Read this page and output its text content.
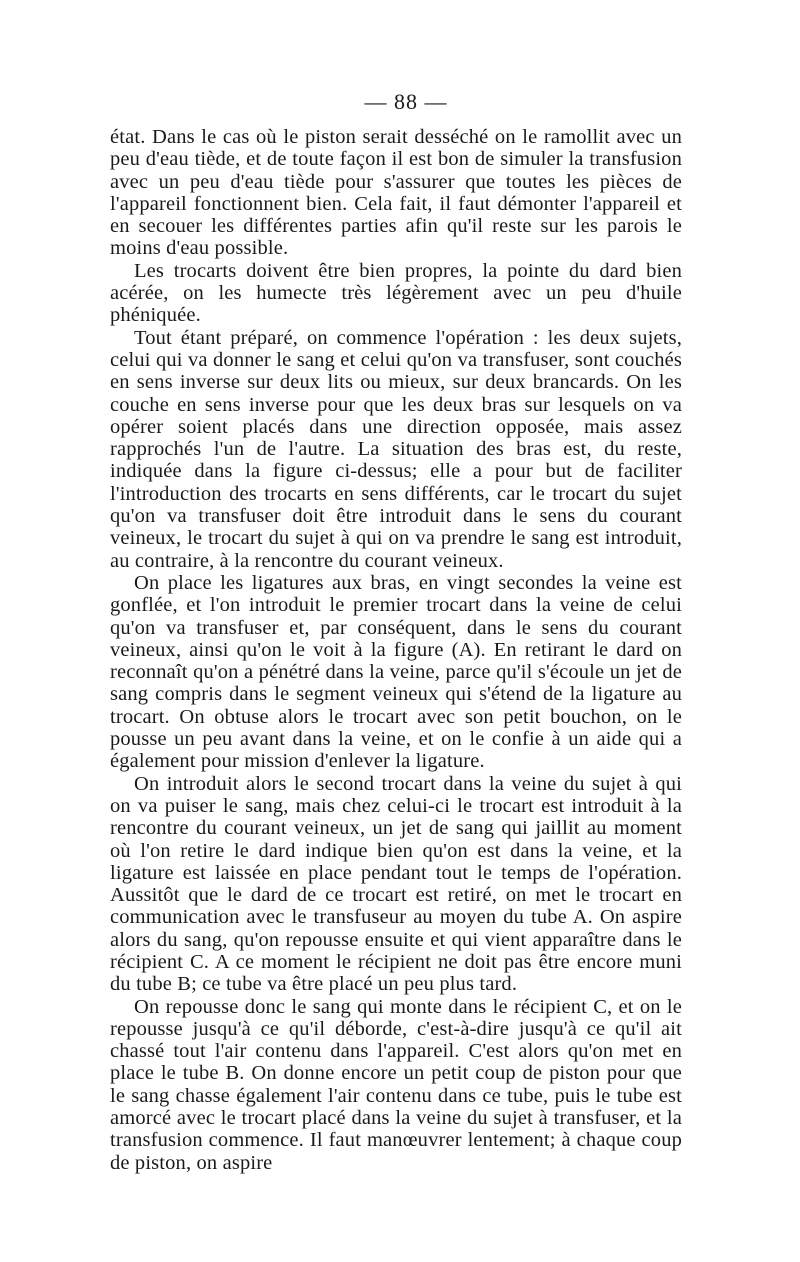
— 88 —

état. Dans le cas où le piston serait desséché on le ramollit avec un peu d'eau tiède, et de toute façon il est bon de simuler la transfusion avec un peu d'eau tiède pour s'assurer que toutes les pièces de l'appareil fonctionnent bien. Cela fait, il faut démonter l'appareil et en secouer les différentes parties afin qu'il reste sur les parois le moins d'eau possible.

Les trocarts doivent être bien propres, la pointe du dard bien acérée, on les humecte très légèrement avec un peu d'huile phéniquée.

Tout étant préparé, on commence l'opération : les deux sujets, celui qui va donner le sang et celui qu'on va transfuser, sont couchés en sens inverse sur deux lits ou mieux, sur deux brancards. On les couche en sens inverse pour que les deux bras sur lesquels on va opérer soient placés dans une direction opposée, mais assez rapprochés l'un de l'autre. La situation des bras est, du reste, indiquée dans la figure ci-dessus; elle a pour but de faciliter l'introduction des trocarts en sens différents, car le trocart du sujet qu'on va transfuser doit être introduit dans le sens du courant veineux, le trocart du sujet à qui on va prendre le sang est introduit, au contraire, à la rencontre du courant veineux.

On place les ligatures aux bras, en vingt secondes la veine est gonflée, et l'on introduit le premier trocart dans la veine de celui qu'on va transfuser et, par conséquent, dans le sens du courant veineux, ainsi qu'on le voit à la figure (A). En retirant le dard on reconnaît qu'on a pénétré dans la veine, parce qu'il s'écoule un jet de sang compris dans le segment veineux qui s'étend de la ligature au trocart. On obtuse alors le trocart avec son petit bouchon, on le pousse un peu avant dans la veine, et on le confie à un aide qui a également pour mission d'enlever la ligature.

On introduit alors le second trocart dans la veine du sujet à qui on va puiser le sang, mais chez celui-ci le trocart est introduit à la rencontre du courant veineux, un jet de sang qui jaillit au moment où l'on retire le dard indique bien qu'on est dans la veine, et la ligature est laissée en place pendant tout le temps de l'opération. Aussitôt que le dard de ce trocart est retiré, on met le trocart en communication avec le transfuseur au moyen du tube A. On aspire alors du sang, qu'on repousse ensuite et qui vient apparaître dans le récipient C. A ce moment le récipient ne doit pas être encore muni du tube B; ce tube va être placé un peu plus tard.

On repousse donc le sang qui monte dans le récipient C, et on le repousse jusqu'à ce qu'il déborde, c'est-à-dire jusqu'à ce qu'il ait chassé tout l'air contenu dans l'appareil. C'est alors qu'on met en place le tube B. On donne encore un petit coup de piston pour que le sang chasse également l'air contenu dans ce tube, puis le tube est amorcé avec le trocart placé dans la veine du sujet à transfuser, et la transfusion commence. Il faut manœuvrer lentement; à chaque coup de piston, on aspire
